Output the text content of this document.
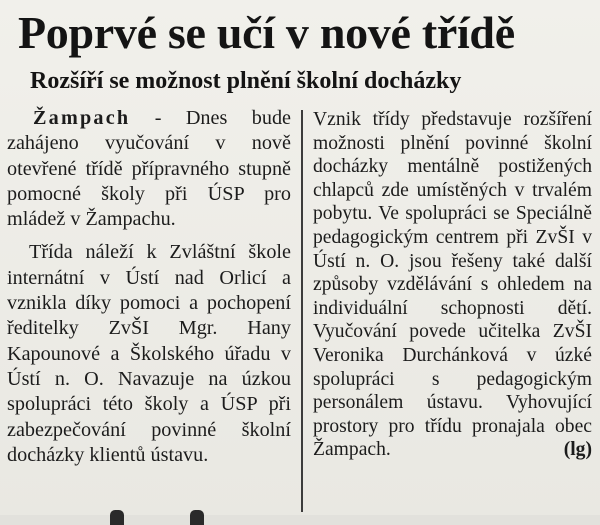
Poprvé se učí v nové třídě
Rozšíří se možnost plnění školní docházky

Žampach - Dnes bude zahájeno vyučování v nově otevřené třídě přípravného stupně pomocné školy při ÚSP pro mládež v Žampachu.

Třída náleží k Zvláštní škole internátní v Ústí nad Orlicí a vznikla díky pomoci a pochopení ředitelky ZvŠI Mgr. Hany Kapounové a Školského úřadu v Ústí n. O. Navazuje na úzkou spolupráci této školy a ÚSP při zabezpečování povinné školní docházky klientů ústavu.

Vznik třídy představuje rozšíření možnosti plnění povinné školní docházky mentálně postižených chlapců zde umístěných v trvalém pobytu. Ve spolupráci se Speciálně pedagogickým centrem při ZvŠI v Ústí n. O. jsou řešeny také další způsoby vzdělávání s ohledem na individuální schopnosti dětí. Vyučování povede učitelka ZvŠI Veronika Durchánková v úzké spolupráci s pedagogickým personálem ústavu. Vyhovující prostory pro třídu pronajala obec Žampach.	(lg)
